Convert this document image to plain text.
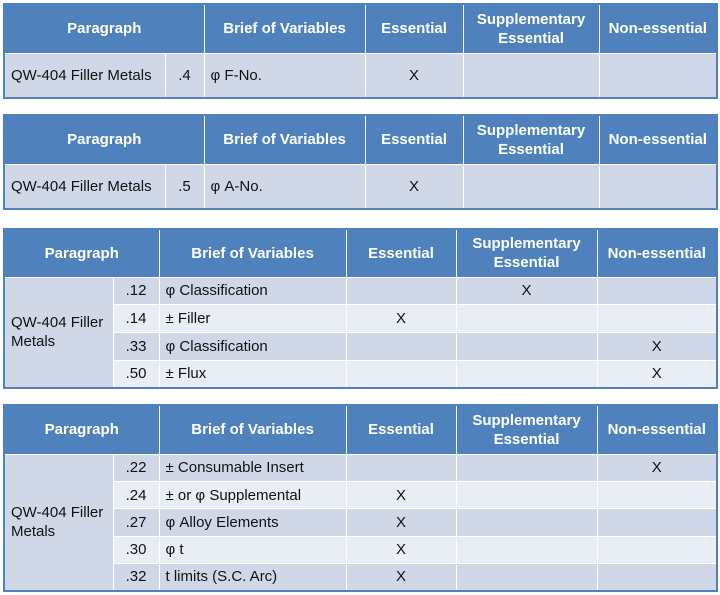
Paragraph		Brief of Variables	Essential	Supplementary Essential	Non-essential
QW-404 Filler Metals	.4	φ F-No.	X		
Paragraph		Brief of Variables	Essential	Supplementary Essential	Non-essential
QW-404 Filler Metals	.5	φ A-No.	X		
Paragraph		Brief of Variables	Essential	Supplementary Essential	Non-essential
QW-404 Filler Metals	.12	φ Classification		X	
	.14	± Filler	X		
	.33	φ Classification			X
	.50	± Flux			X
Paragraph		Brief of Variables	Essential	Supplementary Essential	Non-essential
QW-404 Filler Metals	.22	± Consumable Insert			X
	.24	± or φ Supplemental	X		
	.27	φ Alloy Elements	X		
	.30	φ t	X		
	.32	t limits (S.C. Arc)	X		
